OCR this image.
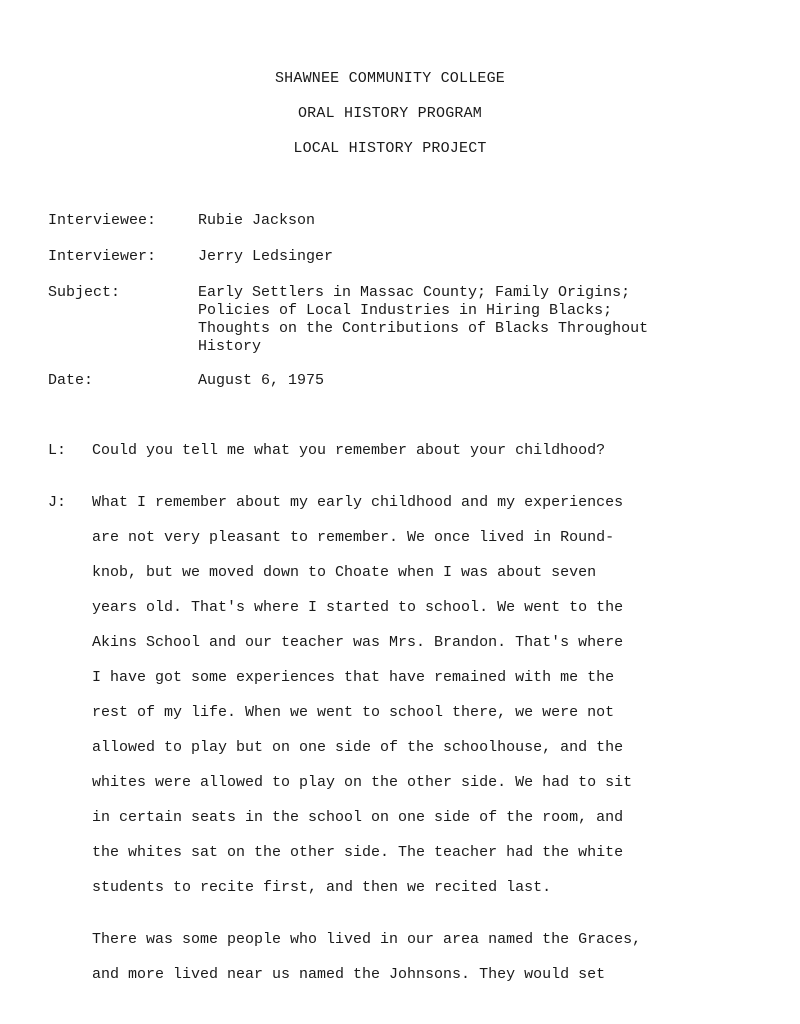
SHAWNEE COMMUNITY COLLEGE
ORAL HISTORY PROGRAM
LOCAL HISTORY PROJECT
Interviewee:	Rubie Jackson
Interviewer:	Jerry Ledsinger
Subject:	Early Settlers in Massac County; Family Origins;
Policies of Local Industries in Hiring Blacks;
Thoughts on the Contributions of Blacks Throughout
History
Date:	August 6, 1975
L: Could you tell me what you remember about your childhood?
J: What I remember about my early childhood and my experiences
are not very pleasant to remember. We once lived in Round-
knob, but we moved down to Choate when I was about seven
years old. That's where I started to school. We went to the
Akins School and our teacher was Mrs. Brandon. That's where
I have got some experiences that have remained with me the
rest of my life. When we went to school there, we were not
allowed to play but on one side of the schoolhouse, and the
whites were allowed to play on the other side. We had to sit
in certain seats in the school on one side of the room, and
the whites sat on the other side. The teacher had the white
students to recite first, and then we recited last.
There was some people who lived in our area named the Graces,
and more lived near us named the Johnsons. They would set
